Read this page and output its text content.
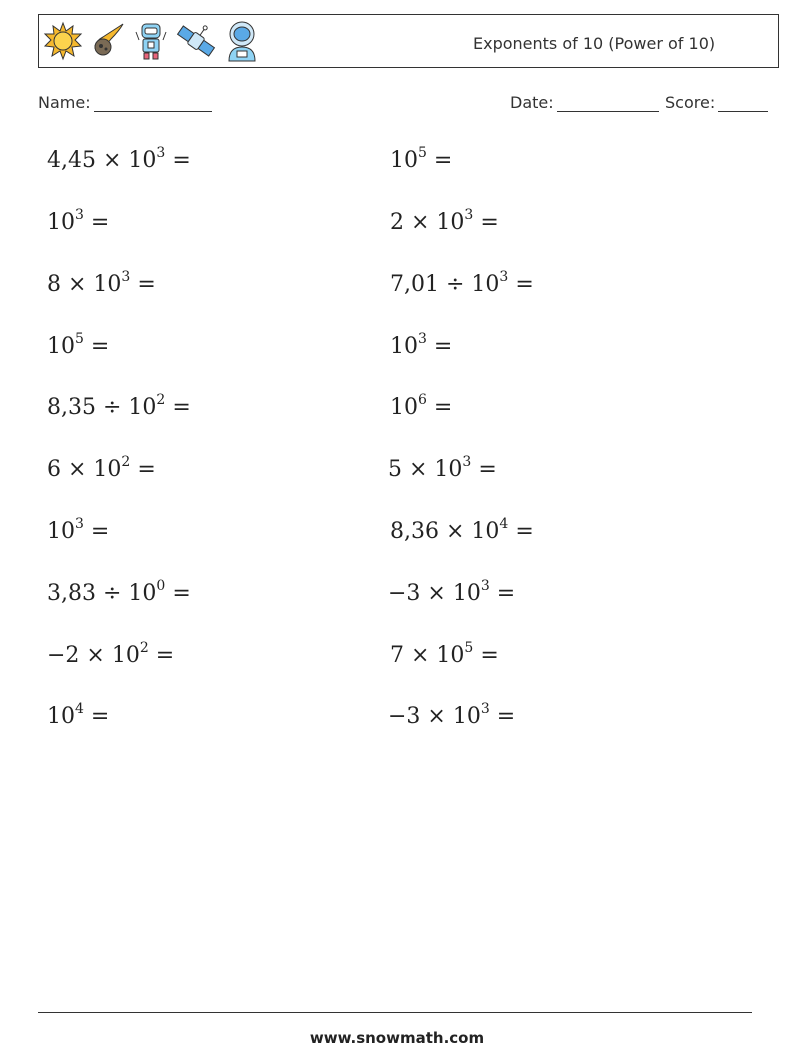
Exponents of 10 (Power of 10)
Name:	Date:	Score:
$4,45 \times 10^3$ =
$10^3$ =
$8 \times 10^3$ =
$10^5$ =
$8,35 \div 10^2$ =
$6 \times 10^2$ =
$10^3$ =
$3,83 \div 10^0$ =
$-2 \times 10^2$ =
$10^4$ =
$10^5$ =
$2 \times 10^3$ =
$7,01 \div 10^3$ =
$10^3$ =
$10^6$ =
$5 \times 10^3$ =
$8,36 \times 10^4$ =
$-3 \times 10^3$ =
$7 \times 10^5$ =
$-3 \times 10^3$ =
www.snowmath.com
